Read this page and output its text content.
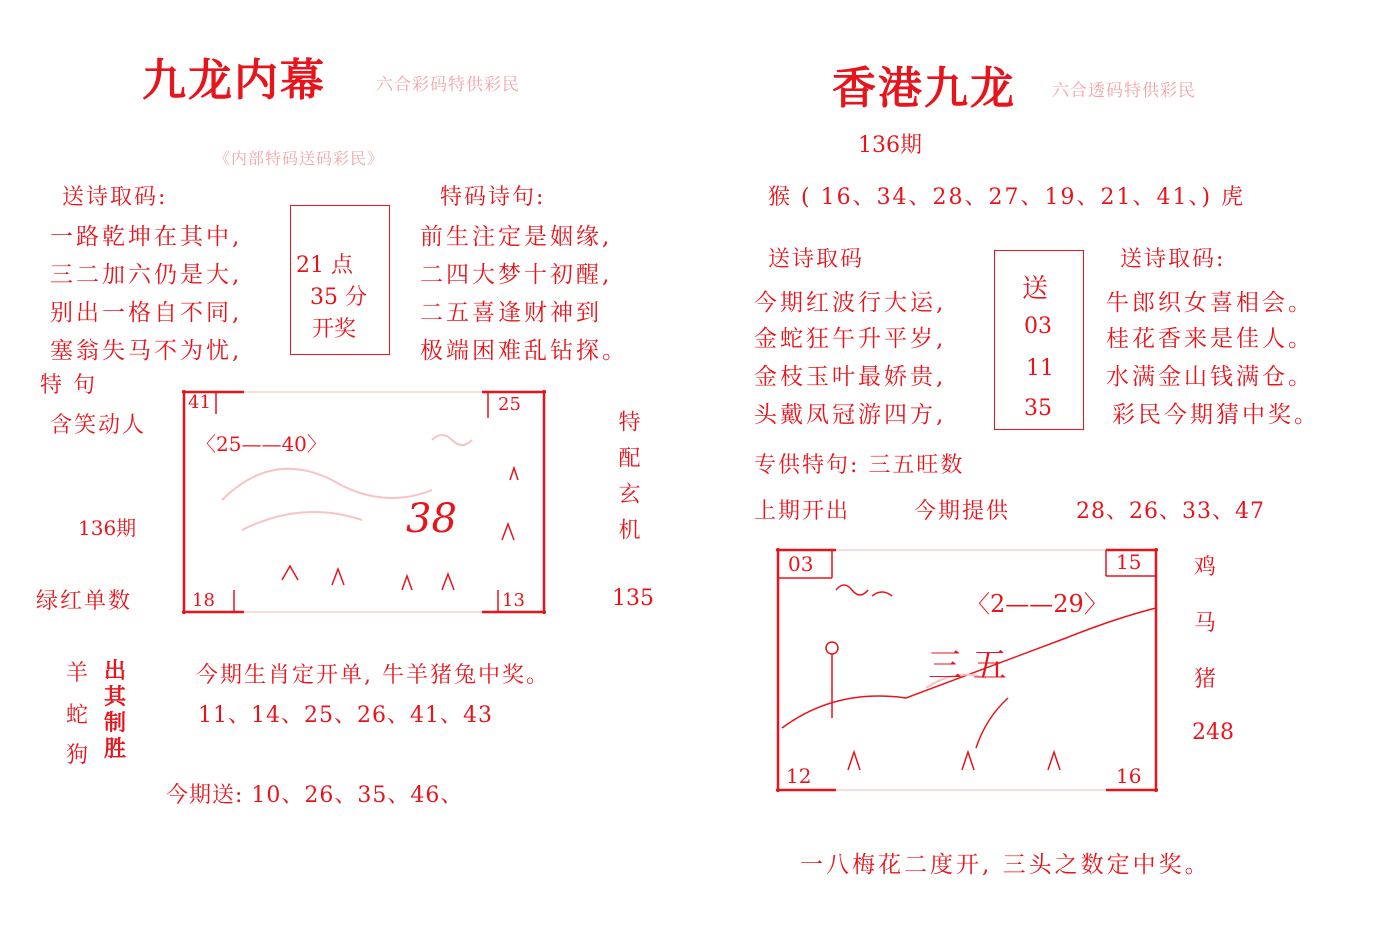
九龙内幕	六合彩码特供彩民
《内部特码送码彩民》
送诗取码:
一路乾坤在其中,
三二加六仍是大,
别出一格自不同,
塞翁失马不为忧,
21 点
35 分
开奖
特码诗句:
前生注定是姻缘,
二四大梦十初醒,
二五喜逢财神到
极端困难乱钻探。
特 句
含笑动人
136期
绿红单数
41	25
18	13
〈25——40〉
38	特配玄机
135
羊
蛇
狗
出
其
制
胜
今期生肖定开单, 牛羊猪兔中奖。
11、14、25、26、41、43
今期送: 10、26、35、46、
香港九龙 六合透码特供彩民
136期
猴 ( 16、34、28、27、19、21、41、) 虎
送诗取码	送诗取码:
今期红波行大运,
金蛇狂午升平岁,
金枝玉叶最娇贵,
头戴凤冠游四方,
送
03
11
35
牛郎织女喜相会。
桂花香来是佳人。
水满金山钱满仓。
彩民今期猜中奖。
专供特句: 三五旺数
上期开出	今期提供	28、26、33、47
03	15
12	16
〈2——29〉
三 五
鸡
马
猪
248
一八梅花二度开, 三头之数定中奖。
